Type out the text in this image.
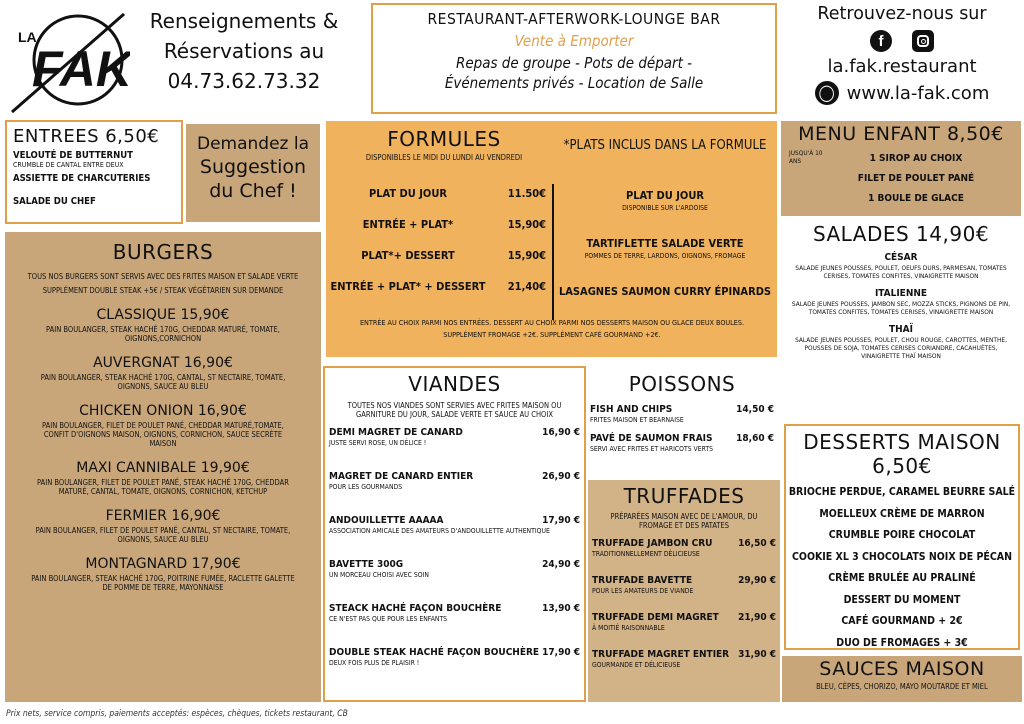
LA
FAK
Renseignements &
Réservations au
04.73.62.73.32
RESTAURANT-AFTERWORK-LOUNGE BAR
Vente à Emporter
Repas de groupe - Pots de départ -
Événements privés - Location de Salle
Retrouvez-nous sur
f
la.fak.restaurant
◯ www.la-fak.com
ENTREES 6,50€
VELOUTÉ DE BUTTERNUT
CRUMBLE DE CANTAL ENTRE DEUX
ASSIETTE DE CHARCUTERIES
SALADE DU CHEF
Demandez la
Suggestion
du Chef !
BURGERS
TOUS NOS BURGERS SONT SERVIS AVEC DES FRITES MAISON ET SALADE VERTE
SUPPLÉMENT DOUBLE STEAK +5€ / STEAK VÉGÉTARIEN SUR DEMANDE
CLASSIQUE 15,90€
PAIN BOULANGER, STEAK HACHÉ 170G, CHEDDAR MATURÉ, TOMATE, OIGNONS,CORNICHON
AUVERGNAT 16,90€
PAIN BOULANGER, STEAK HACHÉ 170G, CANTAL, ST NECTAIRE, TOMATE, OIGNONS, SAUCE AU BLEU
CHICKEN ONION 16,90€
PAIN BOULANGER, FILET DE POULET PANÉ, CHEDDAR MATURÉ,TOMATE, CONFIT D'OIGNONS MAISON, OIGNONS, CORNICHON, SAUCE SECRÈTE MAISON
MAXI CANNIBALE 19,90€
PAIN BOULANGER, FILET DE POULET PANÉ, STEAK HACHÉ 170G, CHEDDAR MATURÉ, CANTAL, TOMATE, OIGNONS, CORNICHON, KETCHUP
FERMIER 16,90€
PAIN BOULANGER, FILET DE POULET PANÉ, CANTAL, ST NECTAIRE, TOMATE, OIGNONS, SAUCE AU BLEU
MONTAGNARD 17,90€
PAIN BOULANGER, STEAK HACHÉ 170G, POITRINE FUMÉE, RACLETTE GALETTE DE POMME DE TERRE, MAYONNAISE
FORMULES
DISPONIBLES LE MIDI DU LUNDI AU VENDREDI
PLAT DU JOUR	11.50€
ENTRÉE + PLAT*	15,90€
PLAT*+ DESSERT	15,90€
ENTRÉE + PLAT* + DESSERT	21,40€
*PLATS INCLUS DANS LA FORMULE
PLAT DU JOUR
DISPONIBLE SUR L'ARDOISE
TARTIFLETTE SALADE VERTE
POMMES DE TERRE, LARDONS, OIGNONS, FROMAGE
LASAGNES SAUMON CURRY ÉPINARDS
ENTRÉE AU CHOIX PARMI NOS ENTRÉES. DESSERT AU CHOIX PARMI NOS DESSERTS MAISON OU GLACE DEUX BOULES.
SUPPLÉMENT FROMAGE +2€. SUPPLÉMENT CAFÉ GOURMAND +2€.
VIANDES
TOUTES NOS VIANDES SONT SERVIES AVEC FRITES MAISON OU GARNITURE DU JOUR, SALADE VERTE ET SAUCE AU CHOIX
DEMI MAGRET DE CANARD	16,90 €
JUSTE SERVI ROSE, UN DÉLICE !
MAGRET DE CANARD ENTIER	26,90 €
POUR LES GOURMANDS
ANDOUILLETTE AAAAA	17,90 €
ASSOCIATION AMICALE DES AMATEURS D'ANDOUILLETTE AUTHENTIQUE
BAVETTE 300G	24,90 €
UN MORCEAU CHOISI AVEC SOIN
STEACK HACHÉ FAÇON BOUCHÈRE	13,90 €
CE N'EST PAS QUE POUR LES ENFANTS
DOUBLE STEAK HACHÉ FAÇON BOUCHÈRE 17,90 €
DEUX FOIS PLUS DE PLAISIR !
POISSONS
FISH AND CHIPS	14,50 €
FRITES MAISON ET BEARNAISE
PAVÉ DE SAUMON FRAIS 18,60 €
SERVI AVEC FRITES ET HARICOTS VERTS
TRUFFADES
PRÉPARÉES MAISON AVEC DE L'AMOUR, DU FROMAGE ET DES PATATES
TRUFFADE JAMBON CRU	16,50 €
TRADITIONNELLEMENT DÉLICIEUSE
TRUFFADE BAVETTE	29,90 €
POUR LES AMATEURS DE VIANDE
TRUFFADE DEMI MAGRET 21,90 €
À MOITIÉ RAISONNABLE
TRUFFADE MAGRET ENTIER 31,90 €
GOURMANDE ET DÉLICIEUSE
MENU ENFANT 8,50€
JUSQU'À 10 ANS	1 SIROP AU CHOIX
FILET DE POULET PANÉ
1 BOULE DE GLACE
SALADES 14,90€
CÉSAR
SALADE JEUNES POUSSES, POULET, OEUFS DURS, PARMESAN, TOMATES CERISES, TOMATES CONFITES, VINAIGRETTE MAISON
ITALIENNE
SALADE JEUNES POUSSES, JAMBON SEC, MOZZA STICKS, PIGNONS DE PIN, TOMATES CONFITES, TOMATES CERISES, VINAIGRETTE MAISON
THAÏ
SALADE JEUNES POUSSES, POULET, CHOU ROUGE, CAROTTES, MENTHE, POUSSES DE SOJA, TOMATES CERISES CORIANDRE, CACAHUÈTES, VINAIGRETTE THAÏ MAISON
DESSERTS MAISON
6,50€
BRIOCHE PERDUE, CARAMEL BEURRE SALÉ
MOELLEUX CRÈME DE MARRON
CRUMBLE POIRE CHOCOLAT
COOKIE XL 3 CHOCOLATS NOIX DE PÉCAN
CRÈME BRULÉE AU PRALINÉ
DESSERT DU MOMENT
CAFÉ GOURMAND + 2€
DUO DE FROMAGES + 3€
SAUCES MAISON
BLEU, CÈPES, CHORIZO, MAYO MOUTARDE ET MIEL
Prix nets, service compris, paiements acceptés: espèces, chèques, tickets restaurant, CB
